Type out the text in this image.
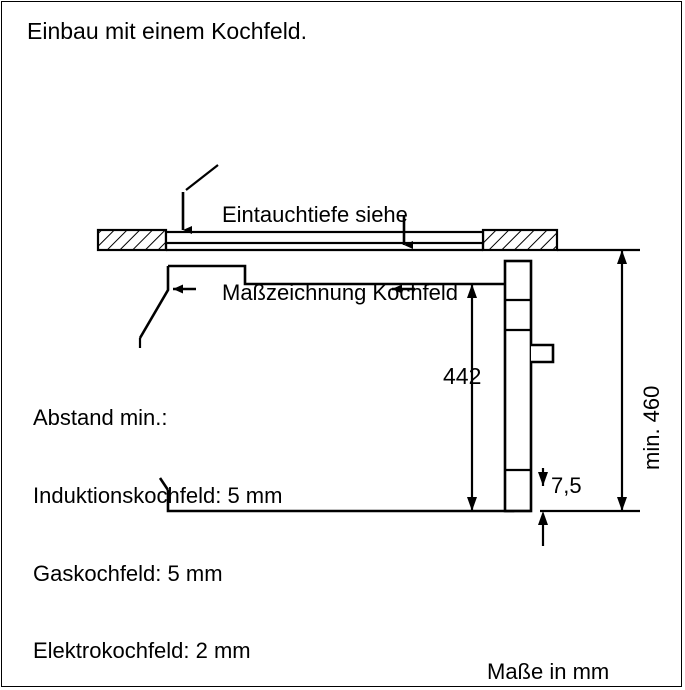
Einbau mit einem Kochfeld.

Eintauchtiefe siehe

Maßzeichnung Kochfeld

Abstand min.:

Induktionskochfeld: 5 mm

Gaskochfeld: 5 mm

Elektrokochfeld: 2 mm

442
7,5
min. 460
Maße in mm
